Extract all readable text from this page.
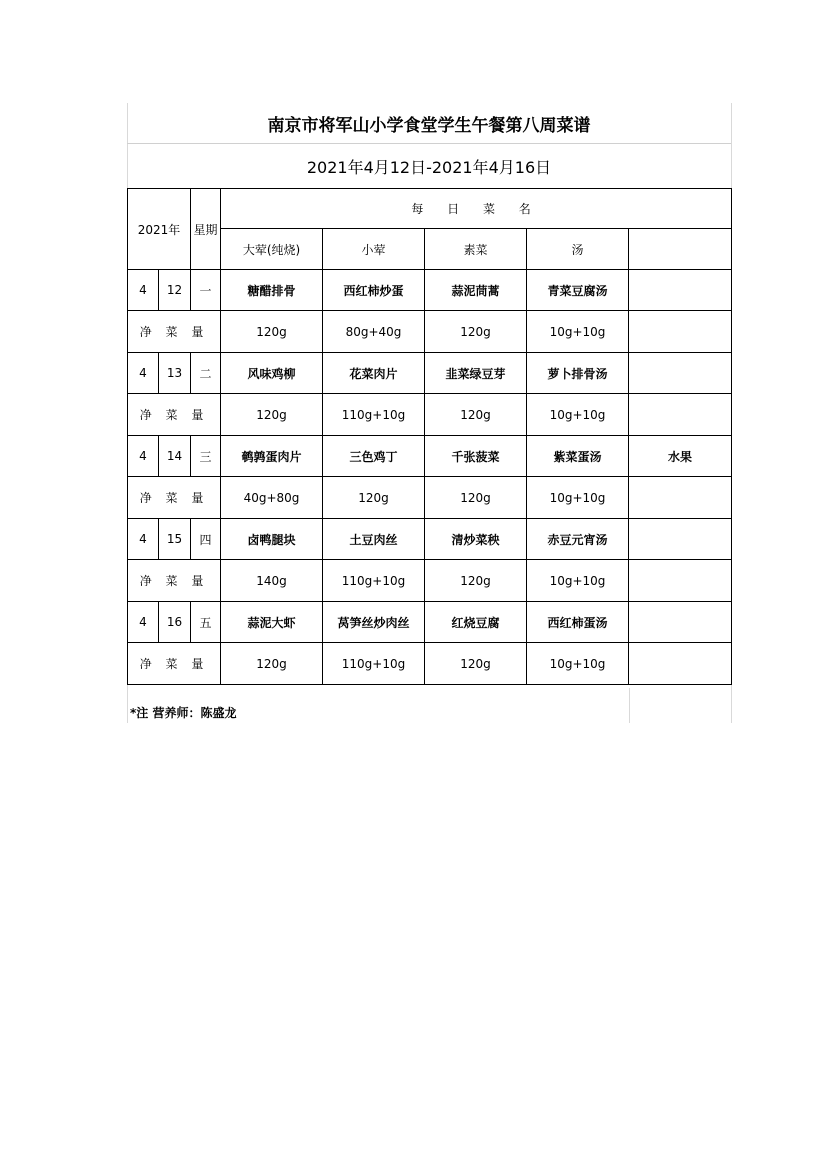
南京市将军山小学食堂学生午餐第八周菜谱
2021年4月12日-2021年4月16日
2021年		星期	每 日 菜 名				
			大荤(纯烧)	小荤	素菜	汤	
4	12	一	糖醋排骨	西红柿炒蛋	蒜泥茼蒿	青菜豆腐汤	
净 菜 量			120g	80g+40g	120g	10g+10g	
4	13	二	风味鸡柳	花菜肉片	韭菜绿豆芽	萝卜排骨汤	
净 菜 量			120g	110g+10g	120g	10g+10g	
4	14	三	鹌鹑蛋肉片	三色鸡丁	千张菠菜	紫菜蛋汤	水果
净 菜 量			40g+80g	120g	120g	10g+10g	
4	15	四	卤鸭腿块	土豆肉丝	清炒菜秧	赤豆元宵汤	
净 菜 量			140g	110g+10g	120g	10g+10g	
4	16	五	蒜泥大虾	莴笋丝炒肉丝	红烧豆腐	西红柿蛋汤	
净 菜 量			120g	110g+10g	120g	10g+10g	
*注 营养师：陈盛龙
